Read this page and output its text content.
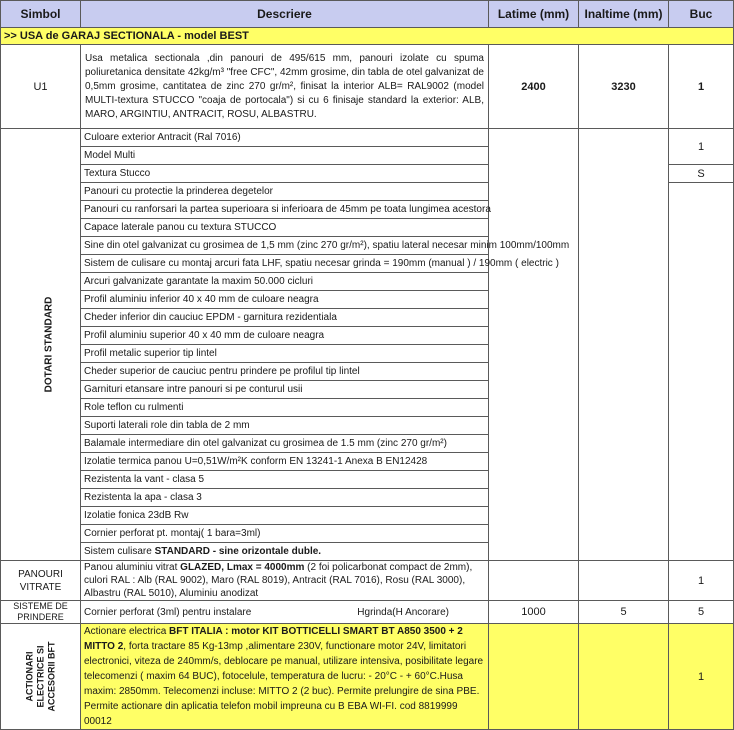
Simbol	Descriere	Latime (mm)	Inaltime (mm)	Buc
>> USA de GARAJ SECTIONALA - model BEST				
U1	Usa metalica sectionala ,din panouri de 495/615 mm, panouri izolate cu spuma poliuretanica densitate 42kg/m³ "free CFC", 42mm grosime, din tabla de otel galvanizat de 0,5mm grosime, cantitatea de zinc 270 gr/m², finisat la interior ALB= RAL9002 (model MULTI-textura STUCCO "coaja de portocala") si cu 6 finisaje standard la exterior: ALB, MARO, ARGINTIU, ANTRACIT, ROSU, ALBASTRU.	2400	3230	1
DOTARI STANDARD	Culoare exterior Antracit (Ral 7016)			1
	Model Multi			
	Textura Stucco			S
	Panouri cu protectie la prinderea degetelor			
	Panouri cu ranforsari la partea superioara si inferioara de 45mm pe toata lungimea acestora			
	Capace laterale panou cu textura STUCCO			
	Sine din otel galvanizat cu grosimea de 1,5 mm (zinc 270 gr/m²), spatiu lateral necesar minim 100mm/100mm			
	Sistem de culisare cu montaj arcuri fata LHF, spatiu necesar grinda = 190mm (manual ) / 190mm ( electric )			
	Arcuri galvanizate garantate la maxim 50.000 cicluri			
	Profil aluminiu inferior 40 x 40 mm de culoare neagra			
	Cheder inferior din cauciuc EPDM - garnitura rezidentiala			
	Profil aluminiu superior 40 x 40 mm de culoare neagra			
	Profil metalic superior tip lintel			
	Cheder superior de cauciuc pentru prindere pe profilul tip lintel			
	Garnituri etansare intre panouri si pe conturul usii			
	Role teflon cu rulmenti			
	Suporti laterali role din tabla de 2 mm			
	Balamale intermediare din otel galvanizat cu grosimea de 1.5 mm (zinc 270 gr/m²)			
	Izolatie termica panou U=0,51W/m²K conform EN 13241-1 Anexa B EN12428			
	Rezistenta la vant - clasa 5			
	Rezistenta la apa - clasa 3			
	Izolatie fonica 23dB Rw			
	Cornier perforat pt. montaj( 1 bara=3ml)			
	Sistem culisare STANDARD - sine orizontale duble.			
PANOURI
VITRATE	Panou aluminiu vitrat GLAZED, Lmax = 4000mm (2 foi policarbonat compact de 2mm), culori RAL : Alb (RAL 9002), Maro (RAL 8019), Antracit (RAL 7016), Rosu (RAL 3000), Albastru (RAL 5010), Aluminiu anodizat			1
SISTEME DE PRINDERE	Cornier perforat (3ml) pentru instalare Hgrinda(H Ancorare)	1000	5	5
ACTIONARI ELECTRICE SI ACCESORII BFT	Actionare electrica BFT ITALIA : motor KIT BOTTICELLI SMART BT A850 3500 + 2 MITTO 2, forta tractare 85 Kg-13mp ,alimentare 230V, functionare motor 24V, limitatori electronici, viteza de 240mm/s, deblocare pe manual, utilizare intensiva, posibilitate legare telecomenzi ( maxim 64 BUC), fotocelule, temperatura de lucru: - 20°C - + 60°C.Husa maxim: 2850mm. Telecomenzi incluse: MITTO 2 (2 buc). Permite prelungire de sina PBE. Permite actionare din aplicatia telefon mobil impreuna cu B EBA WI-FI. cod 8819999 00012			1
